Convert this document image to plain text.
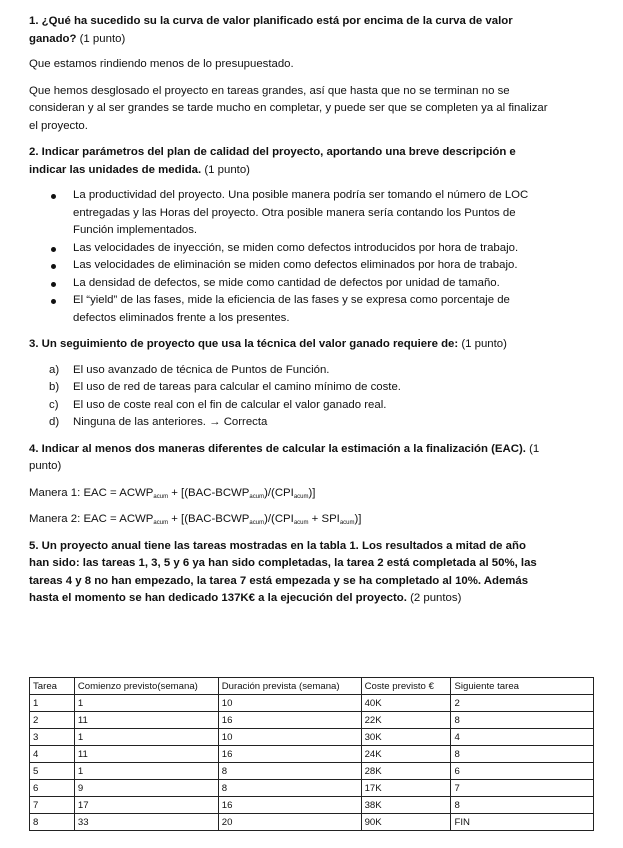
1. ¿Qué ha sucedido su la curva de valor planificado está por encima de la curva de valor ganado? (1 punto)

Que estamos rindiendo menos de lo presupuestado.

Que hemos desglosado el proyecto en tareas grandes, así que hasta que no se terminan no se consideran y al ser grandes se tarde mucho en completar, y puede ser que se completen ya al finalizar el proyecto.

2. Indicar parámetros del plan de calidad del proyecto, aportando una breve descripción e indicar las unidades de medida. (1 punto)

La productividad del proyecto. Una posible manera podría ser tomando el número de LOC entregadas y las Horas del proyecto. Otra posible manera sería contando los Puntos de Función implementados.
Las velocidades de inyección, se miden como defectos introducidos por hora de trabajo.
Las velocidades de eliminación se miden como defectos eliminados por hora de trabajo.
La densidad de defectos, se mide como cantidad de defectos por unidad de tamaño.
El “yield” de las fases, mide la eficiencia de las fases y se expresa como porcentaje de defectos eliminados frente a los presentes.

3. Un seguimiento de proyecto que usa la técnica del valor ganado requiere de: (1 punto)

a) El uso avanzado de técnica de Puntos de Función.
b) El uso de red de tareas para calcular el camino mínimo de coste.
c) El uso de coste real con el fin de calcular el valor ganado real.
d) Ninguna de las anteriores. → Correcta

4. Indicar al menos dos maneras diferentes de calcular la estimación a la finalización (EAC). (1 punto)

Manera 1: EAC = $ACWP_{acum}$ + $[(BAC-BCWP_{acum})/(CPI_{acum})]$

Manera 2: EAC = $ACWP_{acum}$ + $[(BAC-BCWP_{acum})/(CPI_{acum} + SPI_{acum})]$

5. Un proyecto anual tiene las tareas mostradas en la tabla 1. Los resultados a mitad de año han sido: las tareas 1, 3, 5 y 6 ya han sido completadas, la tarea 2 está completada al 50%, las tareas 4 y 8 no han empezado, la tarea 7 está empezada y se ha completado al 10%. Además hasta el momento se han dedicado 137K€ a la ejecución del proyecto. (2 puntos)

Tarea	Comienzo previsto(semana)	Duración prevista (semana)	Coste previsto €	Siguiente tarea
1	1	10	40K	2
2	11	16	22K	8
3	1	10	30K	4
4	11	16	24K	8
5	1	8	28K	6
6	9	8	17K	7
7	17	16	38K	8
8	33	20	90K	FIN
